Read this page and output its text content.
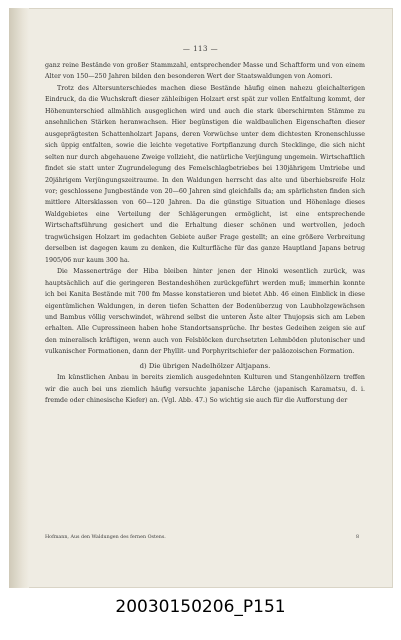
— 113 —

ganz reine Bestände von großer Stammzahl, entsprechender Masse und Schaftform und von einem Alter von 150—250 Jahren bilden den besonderen Wert der Staatswaldungen von Aomori.

Trotz des Altersunterschiedes machen diese Bestände häufig einen nahezu gleichalterigen Eindruck, da die Wuchskraft dieser zähleibigen Holzart erst spät zur vollen Entfaltung kommt, der Höhenunterschied allmählich ausgeglichen wird und auch die stark überschirmten Stämme zu ansehnlichen Stärken heranwachsen. Hier begünstigen die waldbaulichen Eigenschaften dieser ausgeprägtesten Schattenholzart Japans, deren Vorwüchse unter dem dichtesten Kronenschlusse sich üppig entfalten, sowie die leichte vegetative Fortpflanzung durch Stecklinge, die sich nicht selten nur durch abgehauene Zweige vollzieht, die natürliche Verjüngung ungemein. Wirtschaftlich findet sie statt unter Zugrundelegung des Femelschlagbetriebes bei 130jährigem Umtriebe und 20jährigem Verjüngungszeitraume. In den Waldungen herrscht das alte und überhiebsreife Holz vor; geschlossene Jungbestände von 20—60 Jahren sind gleichfalls da; am spärlichsten finden sich mittlere Altersklassen von 60—120 Jahren. Da die günstige Situation und Höhenlage dieses Waldgebietes eine Verteilung der Schlägerungen ermöglicht, ist eine entsprechende Wirtschaftsführung gesichert und die Erhaltung dieser schönen und wertvollen, jedoch tragwüchsigen Holzart im gedachten Gebiete außer Frage gestellt; an eine größere Verbreitung derselben ist dagegen kaum zu denken, die Kulturfläche für das ganze Hauptland Japans betrug 1905/06 nur kaum 300 ha.

Die Massenerträge der Hiba bleiben hinter jenen der Hinoki wesentlich zurück, was hauptsächlich auf die geringeren Bestandeshöhen zurückgeführt werden muß; immerhin konnte ich bei Kanita Bestände mit 700 fm Masse konstatieren und bietet Abb. 46 einen Einblick in diese eigentümlichen Waldungen, in deren tiefen Schatten der Bodenüberzug von Laubholzgewächsen und Bambus völlig verschwindet, während selbst die unteren Äste alter Thujopsis sich am Leben erhalten. Alle Cupressineen haben hohe Standortsansprüche. Ihr bestes Gedeihen zeigen sie auf den mineralisch kräftigen, wenn auch von Felsblöcken durchsetzten Lehmböden plutonischer und vulkanischer Formationen, dann der Phyllit- und Porphyritschiefer der paläozoischen Formation.

d) Die übrigen Nadelhölzer Altjapans.

Im künstlichen Anbau in bereits ziemlich ausgedehnten Kulturen und Stangenhölzern treffen wir die auch bei uns ziemlich häufig versuchte japanische Lärche (japanisch Karamatsu, d. i. fremde oder chinesische Kiefer) an. (Vgl. Abb. 47.) So wichtig sie auch für die Aufforstung der

Hofmann, Aus den Waldungen des fernen Ostens.	8
20030150206_P151
